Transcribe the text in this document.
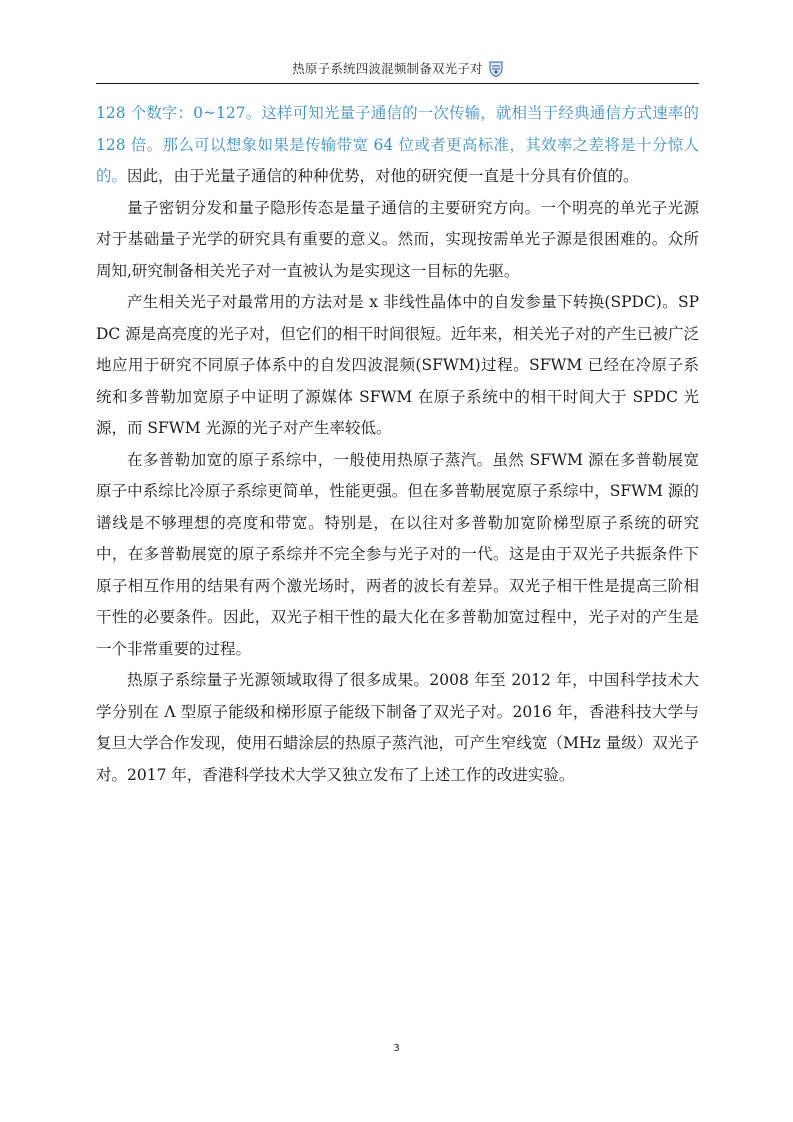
热原子系统四波混频制备双光子对

128 个数字：0~127。这样可知光量子通信的一次传输，就相当于经典通信方式速率的 128 倍。那么可以想象如果是传输带宽 64 位或者更高标准，其效率之差将是十分惊人的。因此，由于光量子通信的种种优势，对他的研究便一直是十分具有价值的。

量子密钥分发和量子隐形传态是量子通信的主要研究方向。一个明亮的单光子光源对于基础量子光学的研究具有重要的意义。然而，实现按需单光子源是很困难的。众所周知,研究制备相关光子对一直被认为是实现这一目标的先驱。

产生相关光子对最常用的方法对是 x 非线性晶体中的自发参量下转换(SPDC)。SPDC 源是高亮度的光子对，但它们的相干时间很短。近年来，相关光子对的产生已被广泛地应用于研究不同原子体系中的自发四波混频(SFWM)过程。SFWM 已经在冷原子系统和多普勒加宽原子中证明了源媒体 SFWM 在原子系统中的相干时间大于 SPDC 光源，而 SFWM 光源的光子对产生率较低。

在多普勒加宽的原子系综中，一般使用热原子蒸汽。虽然 SFWM 源在多普勒展宽原子中系综比冷原子系综更简单，性能更强。但在多普勒展宽原子系综中，SFWM 源的谱线是不够理想的亮度和带宽。特别是，在以往对多普勒加宽阶梯型原子系统的研究中，在多普勒展宽的原子系综并不完全参与光子对的一代。这是由于双光子共振条件下原子相互作用的结果有两个激光场时，两者的波长有差异。双光子相干性是提高三阶相干性的必要条件。因此，双光子相干性的最大化在多普勒加宽过程中，光子对的产生是一个非常重要的过程。

热原子系综量子光源领域取得了很多成果。2008 年至 2012 年，中国科学技术大学分别在 Λ 型原子能级和梯形原子能级下制备了双光子对。2016 年，香港科技大学与复旦大学合作发现，使用石蜡涂层的热原子蒸汽池，可产生窄线宽（MHz 量级）双光子对。2017 年，香港科学技术大学又独立发布了上述工作的改进实验。

3
